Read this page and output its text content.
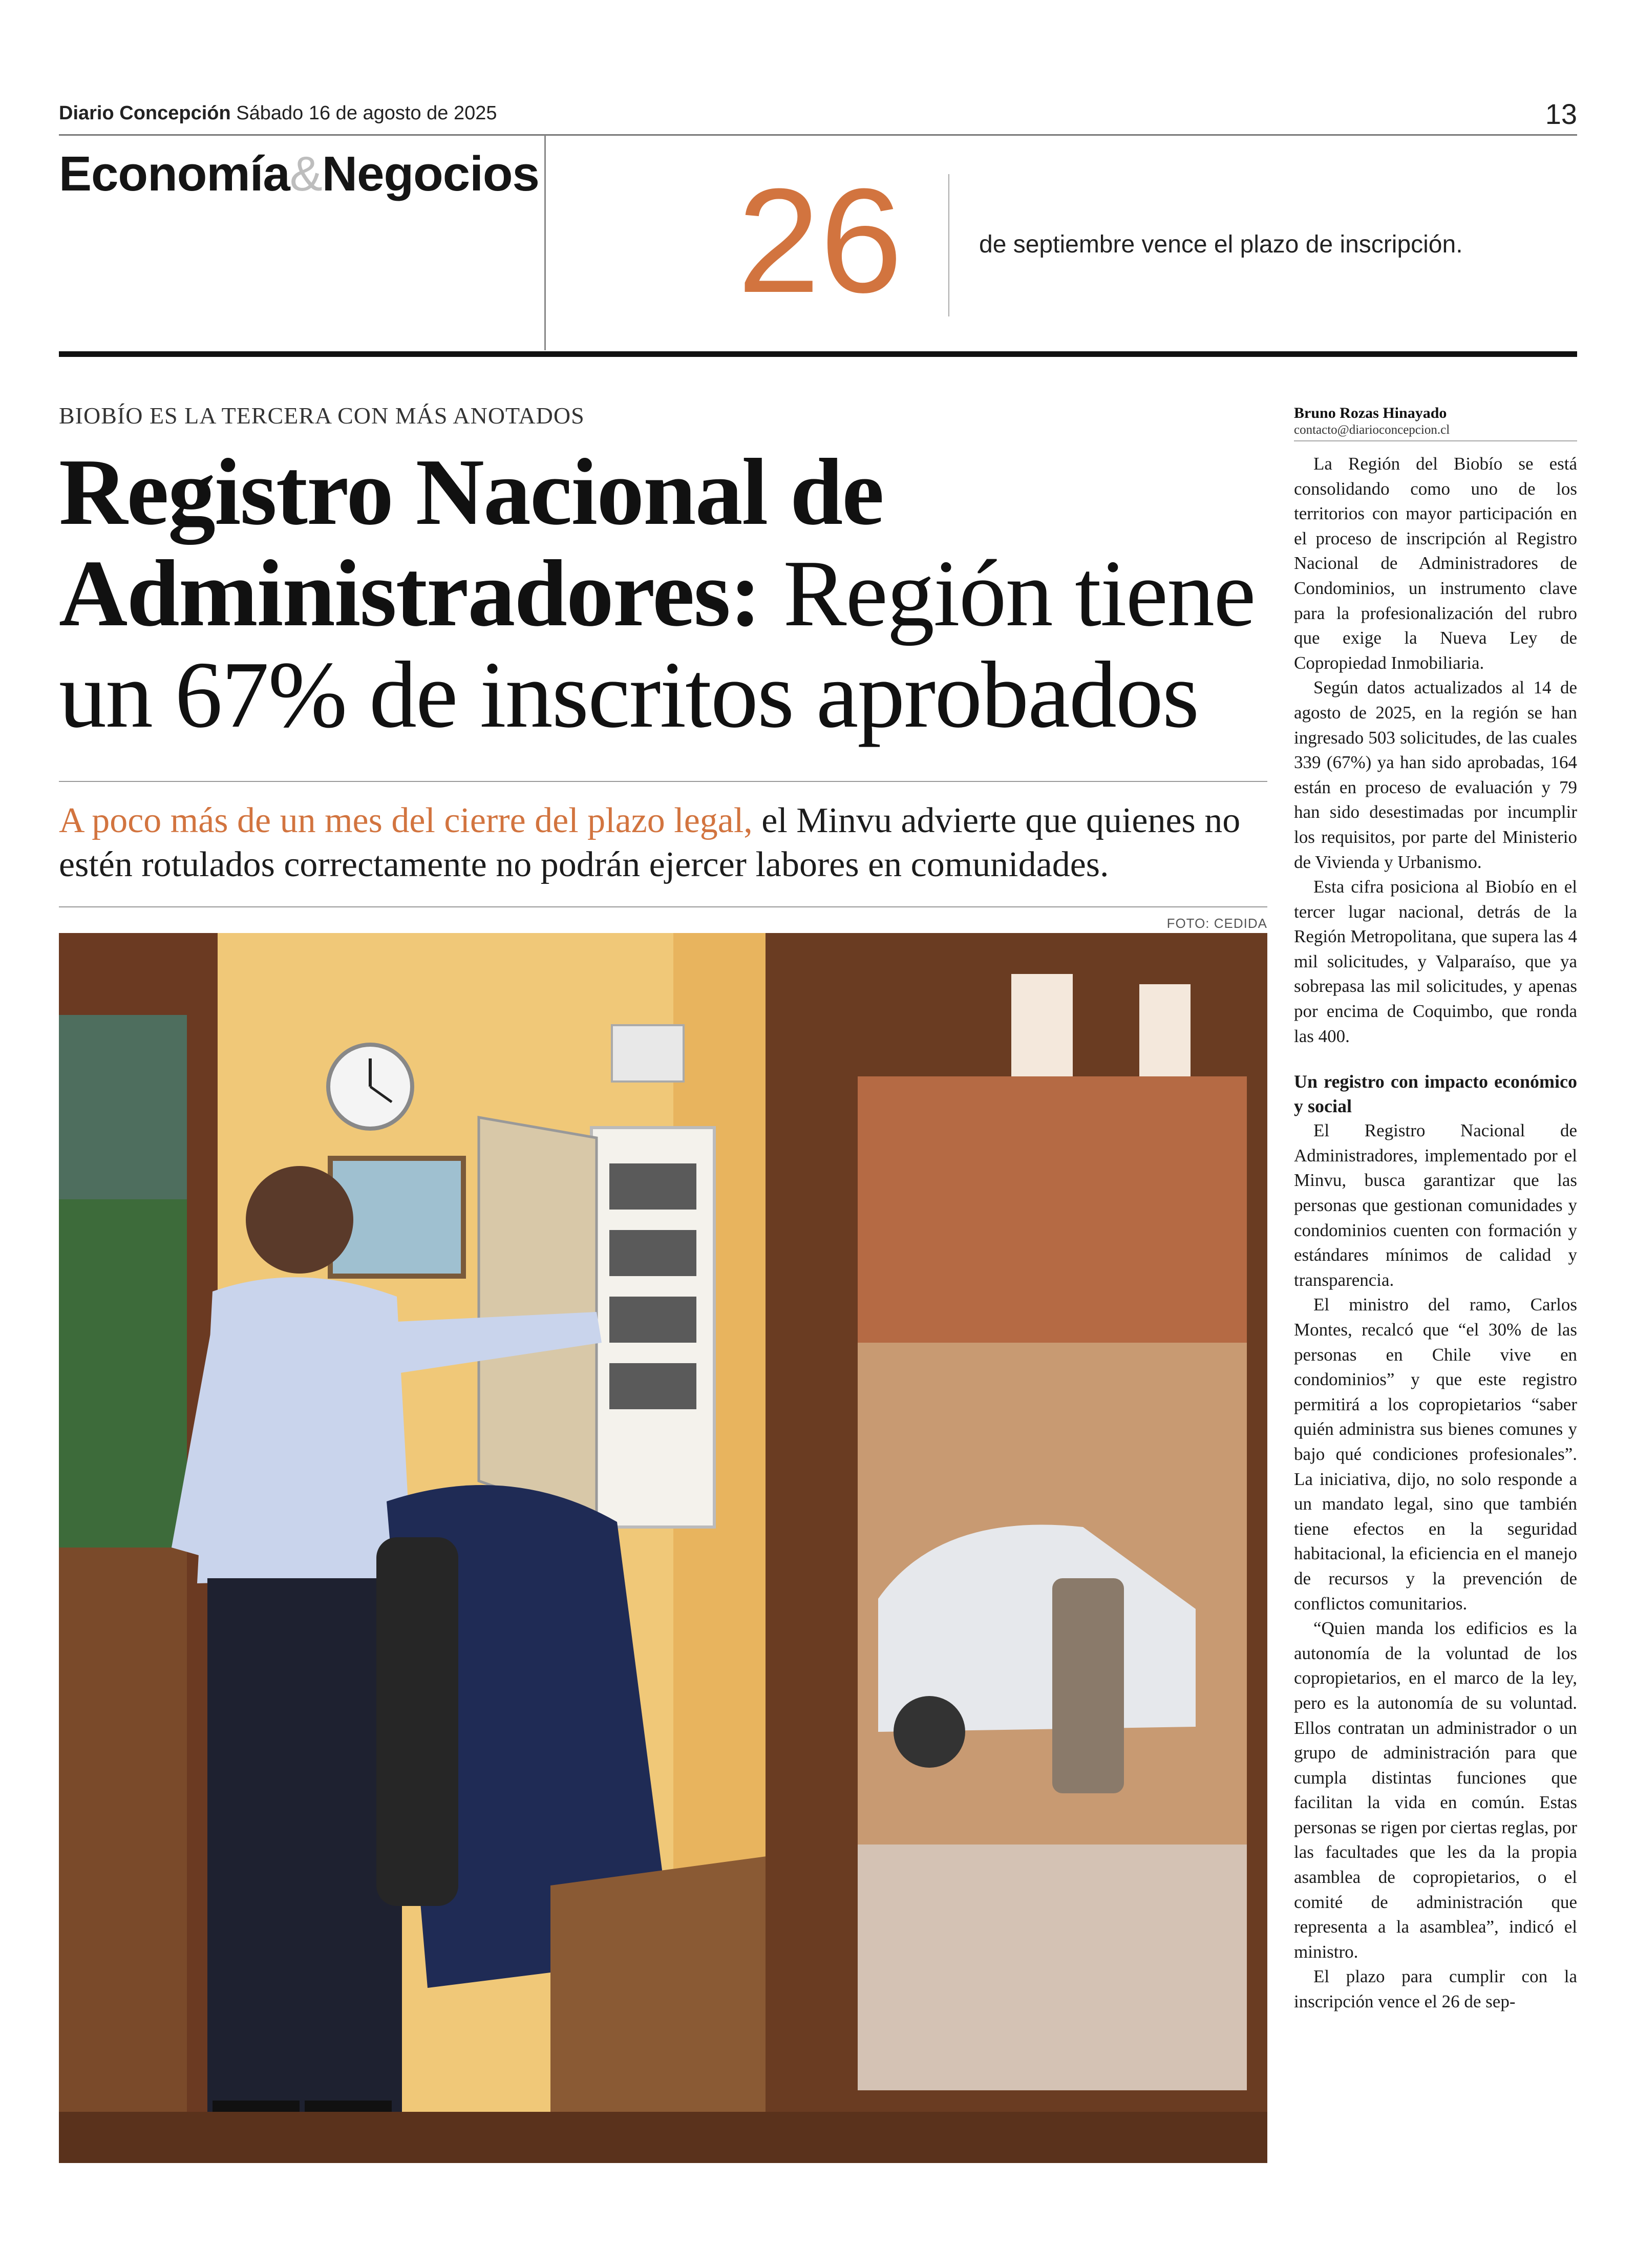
Diario Concepción Sábado 16 de agosto de 2025	13
Economía&Negocios 26	de septiembre vence el plazo de inscripción.
BIOBÍO ES LA TERCERA CON MÁS ANOTADOS
Registro Nacional de Administradores: Región tiene un 67% de inscritos aprobados
A poco más de un mes del cierre del plazo legal, el Minvu advierte que quienes no estén rotulados correctamente no podrán ejercer labores en comunidades.
FOTO: CEDIDA
Bruno Rozas Hinayado
contacto@diarioconcepcion.cl

La Región del Biobío se está consolidando como uno de los territorios con mayor participación en el proceso de inscripción al Registro Nacional de Administradores de Condominios, un instrumento clave para la profesionalización del rubro que exige la Nueva Ley de Copropiedad Inmobiliaria.

Según datos actualizados al 14 de agosto de 2025, en la región se han ingresado 503 solicitudes, de las cuales 339 (67%) ya han sido aprobadas, 164 están en proceso de evaluación y 79 han sido desestimadas por incumplir los requisitos, por parte del Ministerio de Vivienda y Urbanismo.

Esta cifra posiciona al Biobío en el tercer lugar nacional, detrás de la Región Metropolitana, que supera las 4 mil solicitudes, y Valparaíso, que ya sobrepasa las mil solicitudes, y apenas por encima de Coquimbo, que ronda las 400.

Un registro con impacto económico y social

El Registro Nacional de Administradores, implementado por el Minvu, busca garantizar que las personas que gestionan comunidades y condominios cuenten con formación y estándares mínimos de calidad y transparencia.

El ministro del ramo, Carlos Montes, recalcó que “el 30% de las personas en Chile vive en condominios” y que este registro permitirá a los copropietarios “saber quién administra sus bienes comunes y bajo qué condiciones profesionales”. La iniciativa, dijo, no solo responde a un mandato legal, sino que también tiene efectos en la seguridad habitacional, la eficiencia en el manejo de recursos y la prevención de conflictos comunitarios.

“Quien manda los edificios es la autonomía de la voluntad de los copropietarios, en el marco de la ley, pero es la autonomía de su voluntad. Ellos contratan un administrador o un grupo de administración para que cumpla distintas funciones que facilitan la vida en común. Estas personas se rigen por ciertas reglas, por las facultades que les da la propia asamblea de copropietarios, o el comité de administración que representa a la asamblea”, indicó el ministro.

El plazo para cumplir con la inscripción vence el 26 de sep-
